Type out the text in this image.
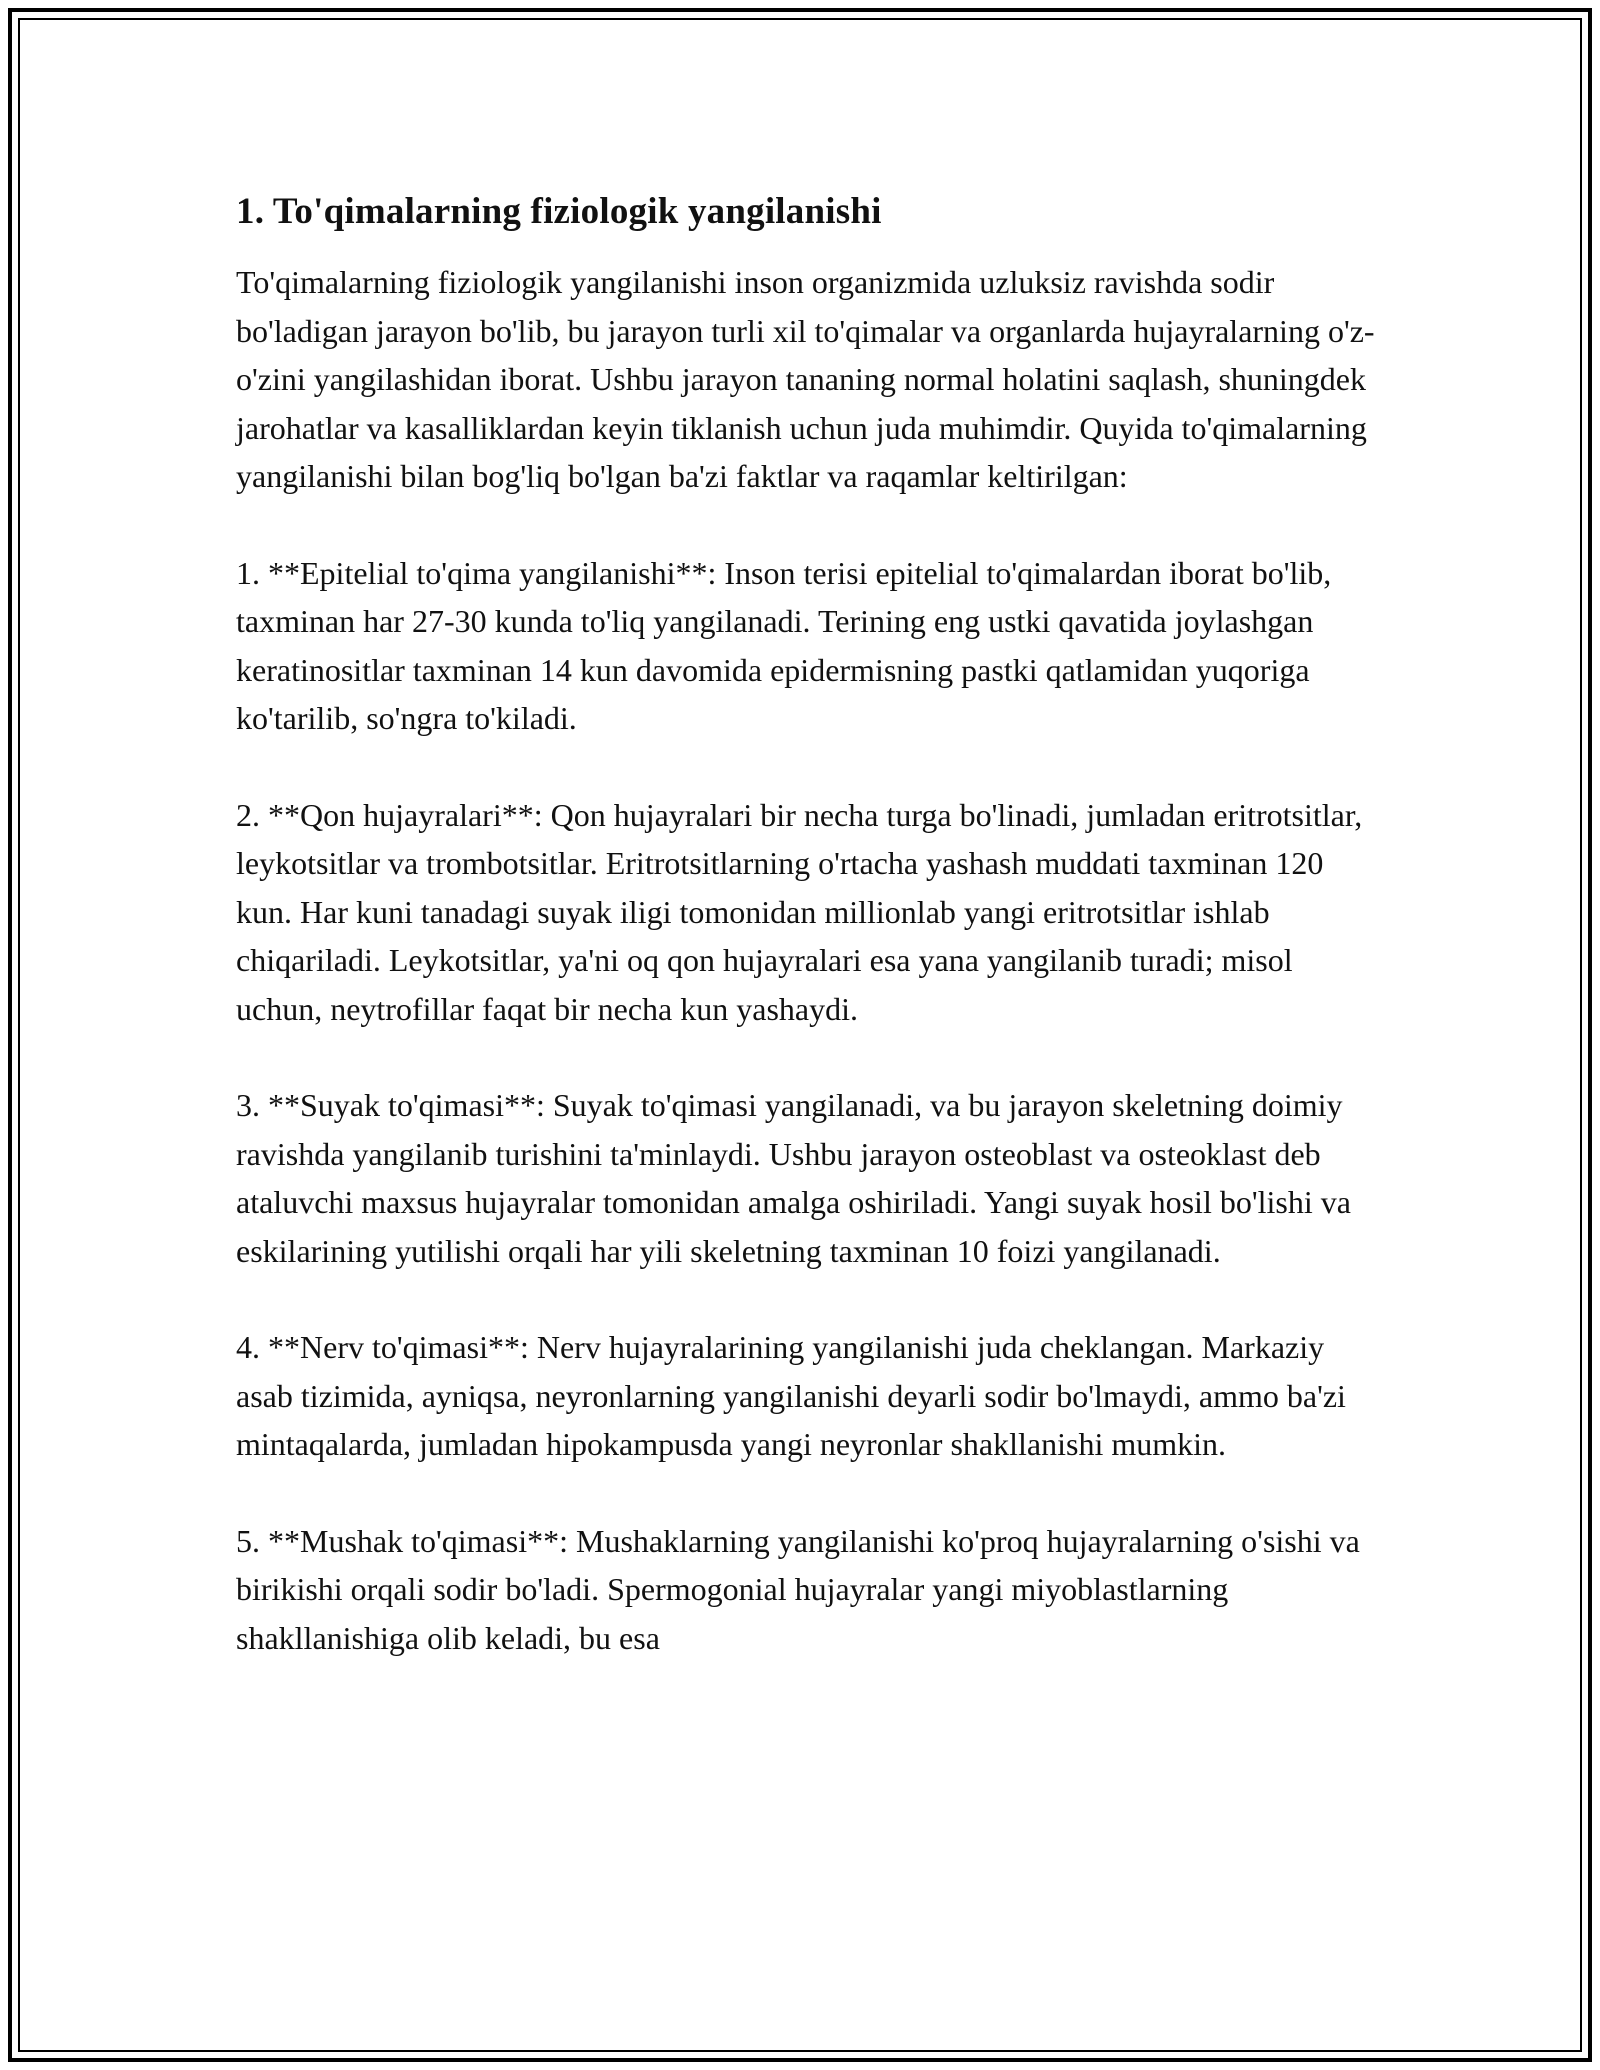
1. To'qimalarning fiziologik yangilanishi

To'qimalarning fiziologik yangilanishi inson organizmida uzluksiz ravishda sodir bo'ladigan jarayon bo'lib, bu jarayon turli xil to'qimalar va organlarda hujayralarning o'z-o'zini yangilashidan iborat. Ushbu jarayon tananing normal holatini saqlash, shuningdek jarohatlar va kasalliklardan keyin tiklanish uchun juda muhimdir. Quyida to'qimalarning yangilanishi bilan bog'liq bo'lgan ba'zi faktlar va raqamlar keltirilgan:

1. **Epitelial to'qima yangilanishi**: Inson terisi epitelial to'qimalardan iborat bo'lib, taxminan har 27-30 kunda to'liq yangilanadi. Terining eng ustki qavatida joylashgan keratinositlar taxminan 14 kun davomida epidermisning pastki qatlamidan yuqoriga ko'tarilib, so'ngra to'kiladi.

2. **Qon hujayralari**: Qon hujayralari bir necha turga bo'linadi, jumladan eritrotsitlar, leykotsitlar va trombotsitlar. Eritrotsitlarning o'rtacha yashash muddati taxminan 120 kun. Har kuni tanadagi suyak iligi tomonidan millionlab yangi eritrotsitlar ishlab chiqariladi. Leykotsitlar, ya'ni oq qon hujayralari esa yana yangilanib turadi; misol uchun, neytrofillar faqat bir necha kun yashaydi.

3. **Suyak to'qimasi**: Suyak to'qimasi yangilanadi, va bu jarayon skeletning doimiy ravishda yangilanib turishini ta'minlaydi. Ushbu jarayon osteoblast va osteoklast deb ataluvchi maxsus hujayralar tomonidan amalga oshiriladi. Yangi suyak hosil bo'lishi va eskilarining yutilishi orqali har yili skeletning taxminan 10 foizi yangilanadi.

4. **Nerv to'qimasi**: Nerv hujayralarining yangilanishi juda cheklangan. Markaziy asab tizimida, ayniqsa, neyronlarning yangilanishi deyarli sodir bo'lmaydi, ammo ba'zi mintaqalarda, jumladan hipokampusda yangi neyronlar shakllanishi mumkin.

5. **Mushak to'qimasi**: Mushaklarning yangilanishi ko'proq hujayralarning o'sishi va birikishi orqali sodir bo'ladi. Spermogonial hujayralar yangi miyoblastlarning shakllanishiga olib keladi, bu esa
